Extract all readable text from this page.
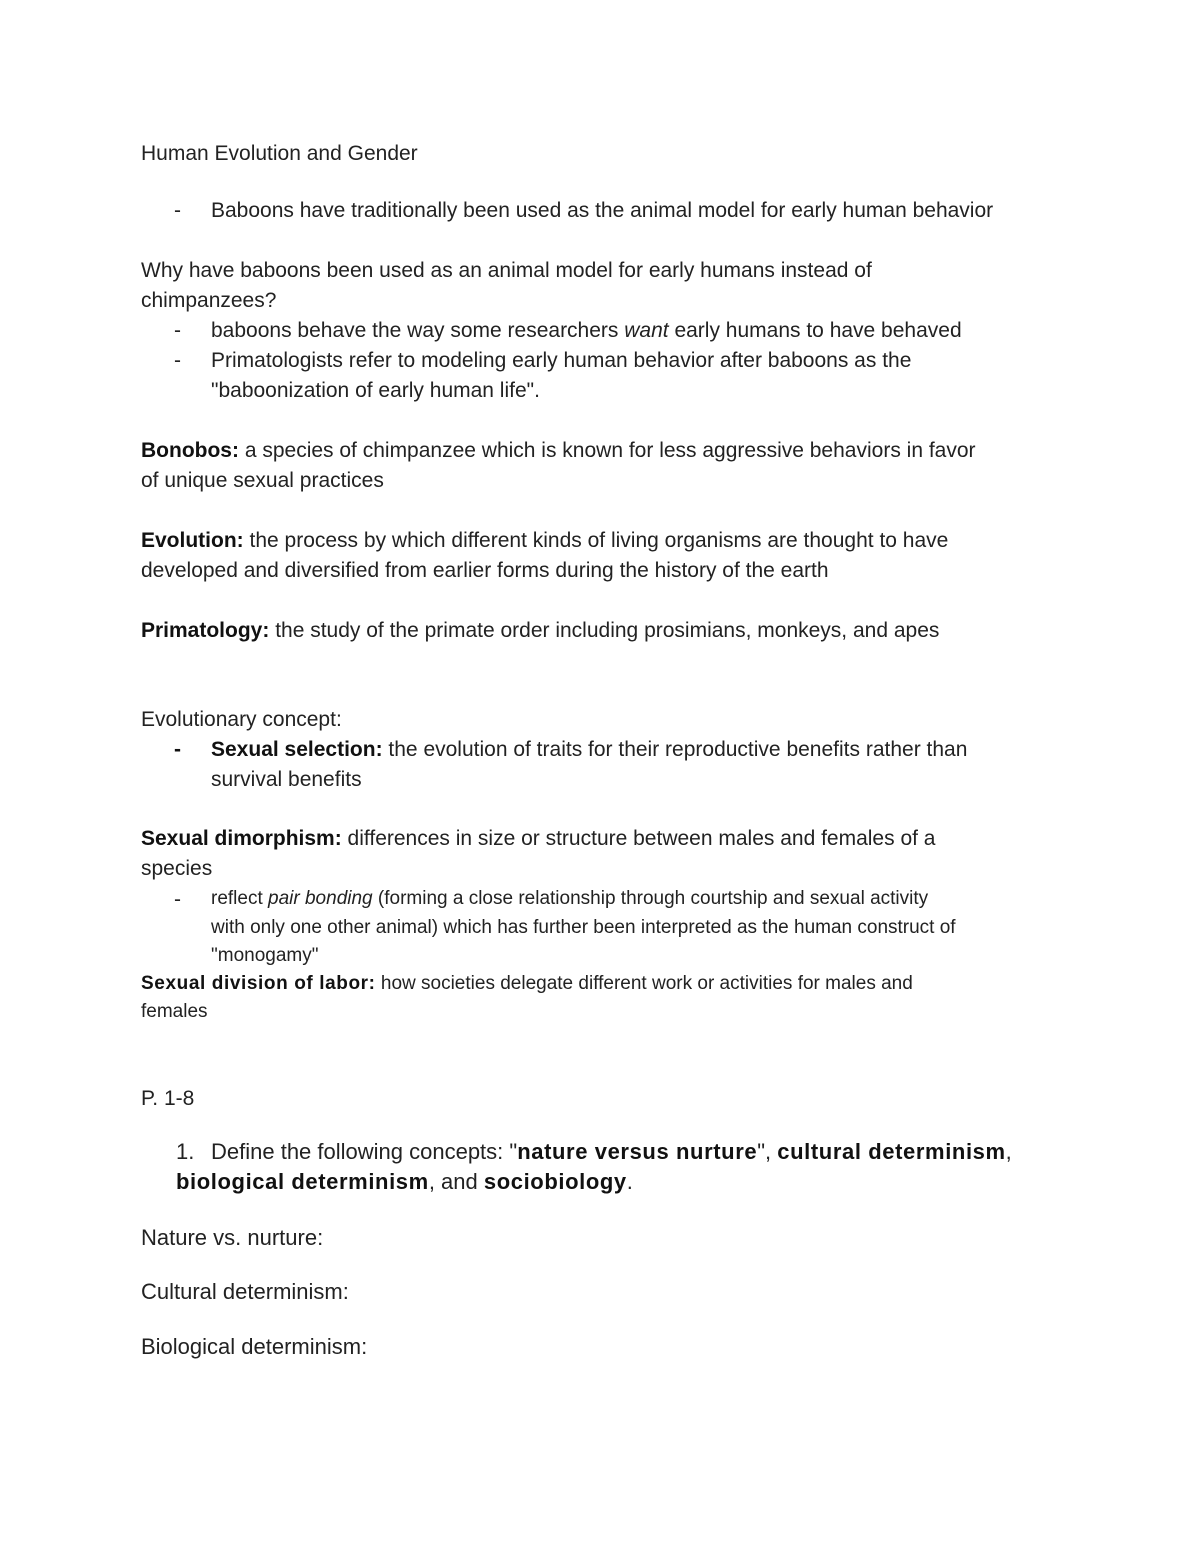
Human Evolution and Gender
- Baboons have traditionally been used as the animal model for early human behavior
Why have baboons been used as an animal model for early humans instead of
chimpanzees?
- baboons behave the way some researchers want early humans to have behaved
- Primatologists refer to modeling early human behavior after baboons as the
"baboonization of early human life".
Bonobos: a species of chimpanzee which is known for less aggressive behaviors in favor
of unique sexual practices
Evolution: the process by which different kinds of living organisms are thought to have
developed and diversified from earlier forms during the history of the earth
Primatology: the study of the primate order including prosimians, monkeys, and apes
Evolutionary concept:
- Sexual selection: the evolution of traits for their reproductive benefits rather than
survival benefits
Sexual dimorphism: differences in size or structure between males and females of a
species
- reflect pair bonding (forming a close relationship through courtship and sexual activity
with only one other animal) which has further been interpreted as the human construct of
"monogamy"
Sexual division of labor: how societies delegate different work or activities for males and
females
P. 1-8
1. Define the following concepts: "nature versus nurture", cultural determinism,
biological determinism, and sociobiology.
Nature vs. nurture:
Cultural determinism:
Biological determinism:
